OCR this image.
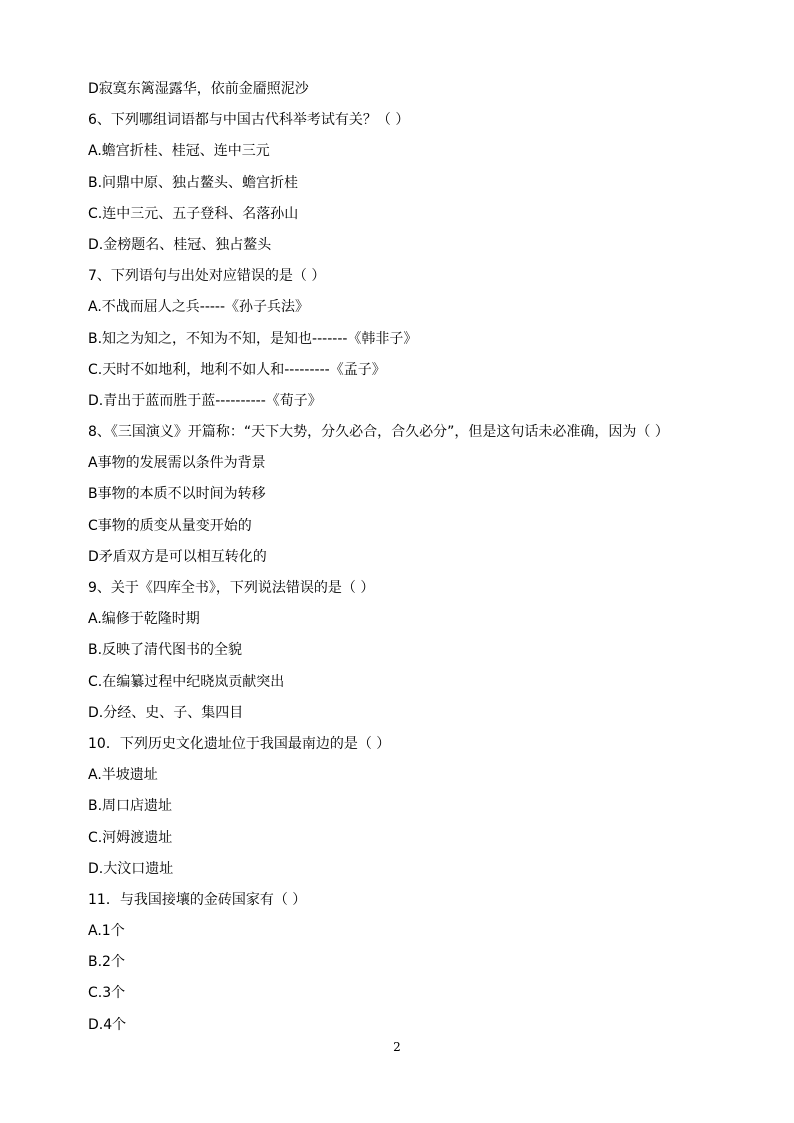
D寂寞东篱湿露华，依前金靥照泥沙
6、下列哪组词语都与中国古代科举考试有关？（ ）
A.蟾宫折桂、桂冠、连中三元
B.问鼎中原、独占鳌头、蟾宫折桂
C.连中三元、五子登科、名落孙山
D.金榜题名、桂冠、独占鳌头
7、下列语句与出处对应错误的是（ ）
A.不战而屈人之兵-----《孙子兵法》
B.知之为知之，不知为不知，是知也-------《韩非子》
C.天时不如地利，地利不如人和---------《孟子》
D.青出于蓝而胜于蓝----------《荀子》
8、《三国演义》开篇称：“天下大势，分久必合，合久必分”，但是这句话未必准确，因为（ ）
A事物的发展需以条件为背景
B事物的本质不以时间为转移
C事物的质变从量变开始的
D矛盾双方是可以相互转化的
9、关于《四库全书》，下列说法错误的是（ ）
A.编修于乾隆时期
B.反映了清代图书的全貌
C.在编纂过程中纪晓岚贡献突出
D.分经、史、子、集四目
10．下列历史文化遗址位于我国最南边的是（ ）
A.半坡遗址
B.周口店遗址
C.河姆渡遗址
D.大汶口遗址
11．与我国接壤的金砖国家有（ ）
A.1个
B.2个
C.3个
D.4个
2
